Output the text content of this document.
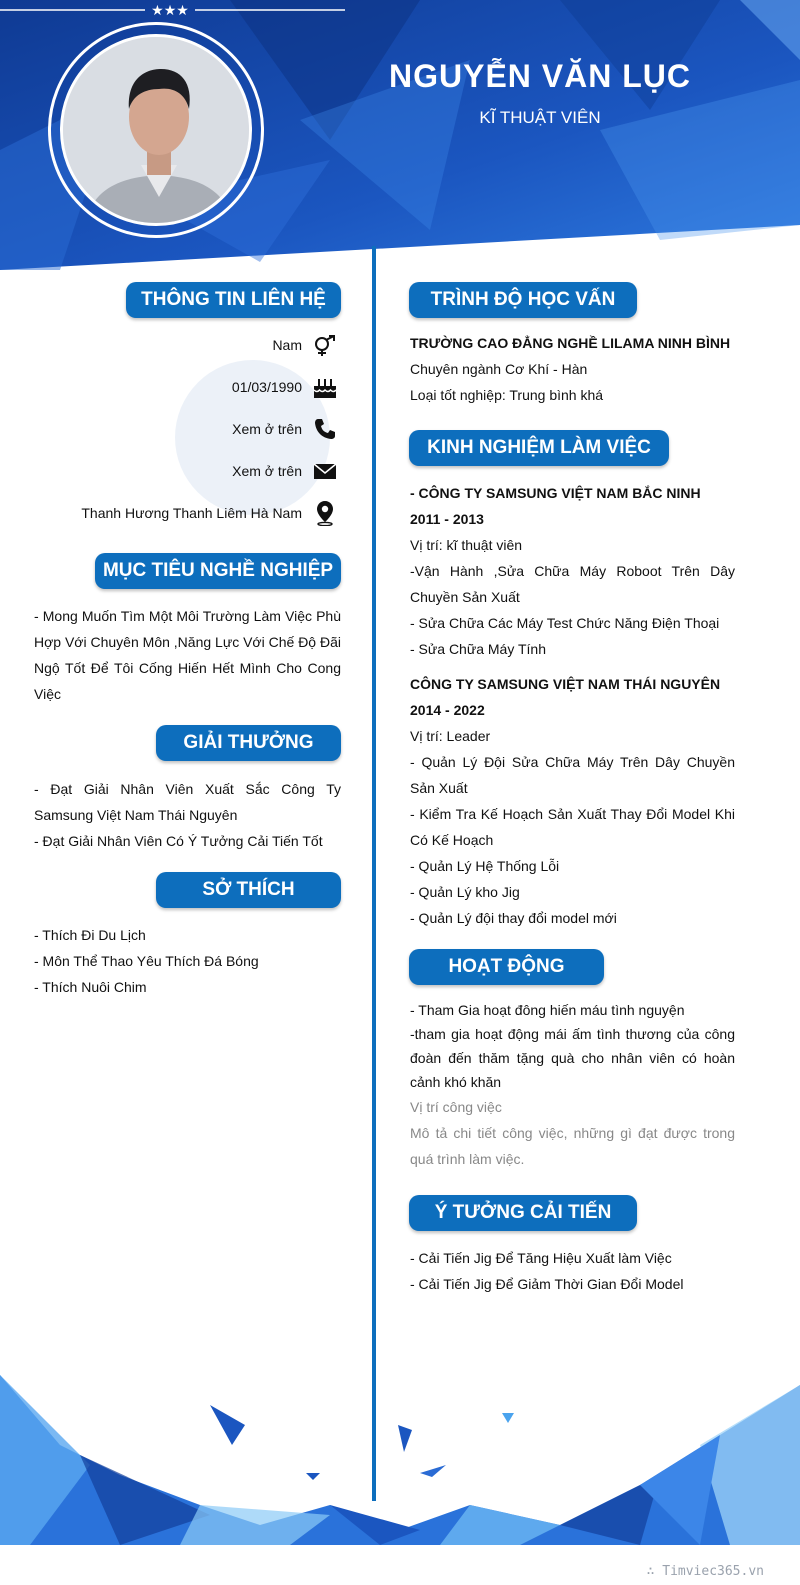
NGUYỄN VĂN LỤC
KĨ THUẬT VIÊN
★★★
THÔNG TIN LIÊN HỆ
Nam
01/03/1990
Xem ở trên
Xem ở trên
Thanh Hương Thanh Liêm Hà Nam
MỤC TIÊU NGHỀ NGHIỆP

- Mong Muốn Tìm Một Môi Trường Làm Việc Phù Hợp Với Chuyên Môn ,Năng Lực Với Chế Độ Đãi Ngộ Tốt Để Tôi Cống Hiến Hết Mình Cho Cong Việc

GIẢI THƯỞNG

- Đạt Giải Nhân Viên Xuất Sắc Công Ty Samsung Việt Nam Thái Nguyên

- Đạt Giải Nhân Viên Có Ý Tưởng Cải Tiến Tốt

SỞ THÍCH

- Thích Đi Du Lịch

- Môn Thể Thao Yêu Thích Đá Bóng

- Thích Nuôi Chim

TRÌNH ĐỘ HỌC VẤN

TRƯỜNG CAO ĐẲNG NGHỀ LILAMA NINH BÌNH

Chuyên ngành Cơ Khí - Hàn

Loại tốt nghiệp: Trung bình khá

KINH NGHIỆM LÀM VIỆC

- CÔNG TY SAMSUNG VIỆT NAM BẮC NINH

2011 - 2013

Vị trí: kĩ thuật viên

-Vận Hành ,Sửa Chữa Máy Roboot Trên Dây Chuyền Sản Xuất

- Sửa Chữa Các Máy Test Chức Năng Điện Thoại

- Sửa Chữa Máy Tính

CÔNG TY SAMSUNG VIỆT NAM THÁI NGUYÊN

2014 - 2022

Vị trí: Leader

- Quản Lý Đội Sửa Chữa Máy Trên Dây Chuyền Sản Xuất

- Kiểm Tra Kế Hoạch Sản Xuất Thay Đổi Model Khi Có Kế Hoạch

- Quản Lý Hệ Thống Lỗi

- Quản Lý kho Jig

- Quản Lý đội thay đổi model mới

HOẠT ĐỘNG

- Tham Gia hoạt đông hiến máu tình nguyện

-tham gia hoạt động mái ấm tình thương của công đoàn đến thăm tặng quà cho nhân viên có hoàn cảnh khó khăn

Vị trí công việc

Mô tả chi tiết công việc, những gì đạt được trong quá trình làm việc.

Ý TƯỞNG CẢI TIẾN

- Cải Tiến Jig Để Tăng Hiệu Xuất làm Việc

- Cải Tiến Jig Để Giảm Thời Gian Đổi Model

∴ Timviec365.vn
